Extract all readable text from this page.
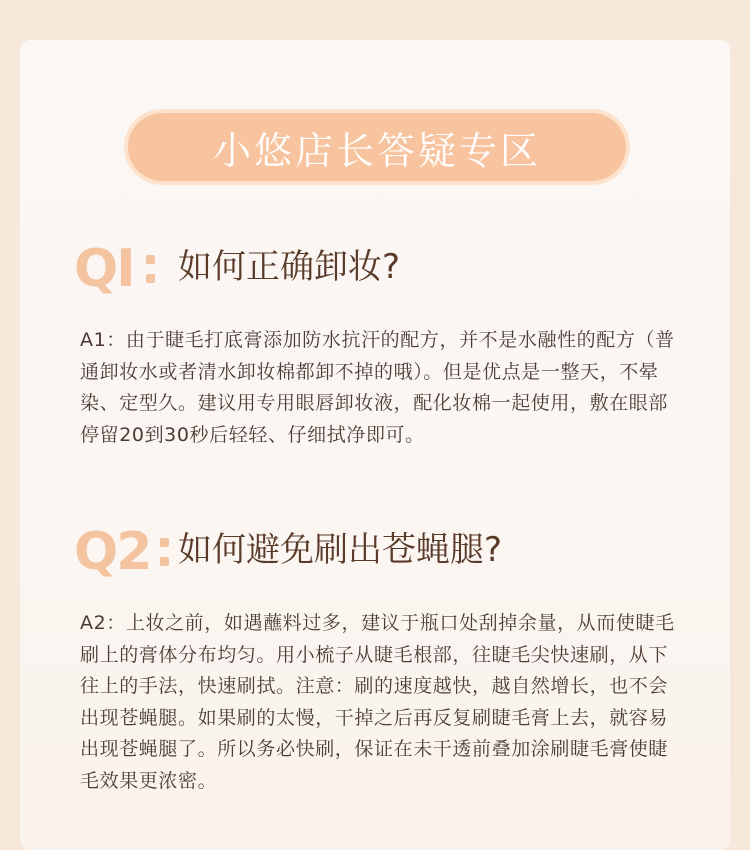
小悠店长答疑专区
QI 如何正确卸妆?
A1：由于睫毛打底膏添加防水抗汗的配方，并不是水融性的配方（普通卸妆水或者清水卸妆棉都卸不掉的哦）。但是优点是一整天，不晕染、定型久。建议用专用眼唇卸妆液，配化妆棉一起使用，敷在眼部停留20到30秒后轻轻、仔细拭净即可。
Q2 如何避免刷出苍蝇腿?
A2：上妆之前，如遇蘸料过多，建议于瓶口处刮掉余量，从而使睫毛刷上的膏体分布均匀。用小梳子从睫毛根部，往睫毛尖快速刷，从下往上的手法，快速刷拭。注意：刷的速度越快，越自然增长，也不会出现苍蝇腿。如果刷的太慢，干掉之后再反复刷睫毛膏上去，就容易出现苍蝇腿了。所以务必快刷，保证在未干透前叠加涂刷睫毛膏使睫毛效果更浓密。
